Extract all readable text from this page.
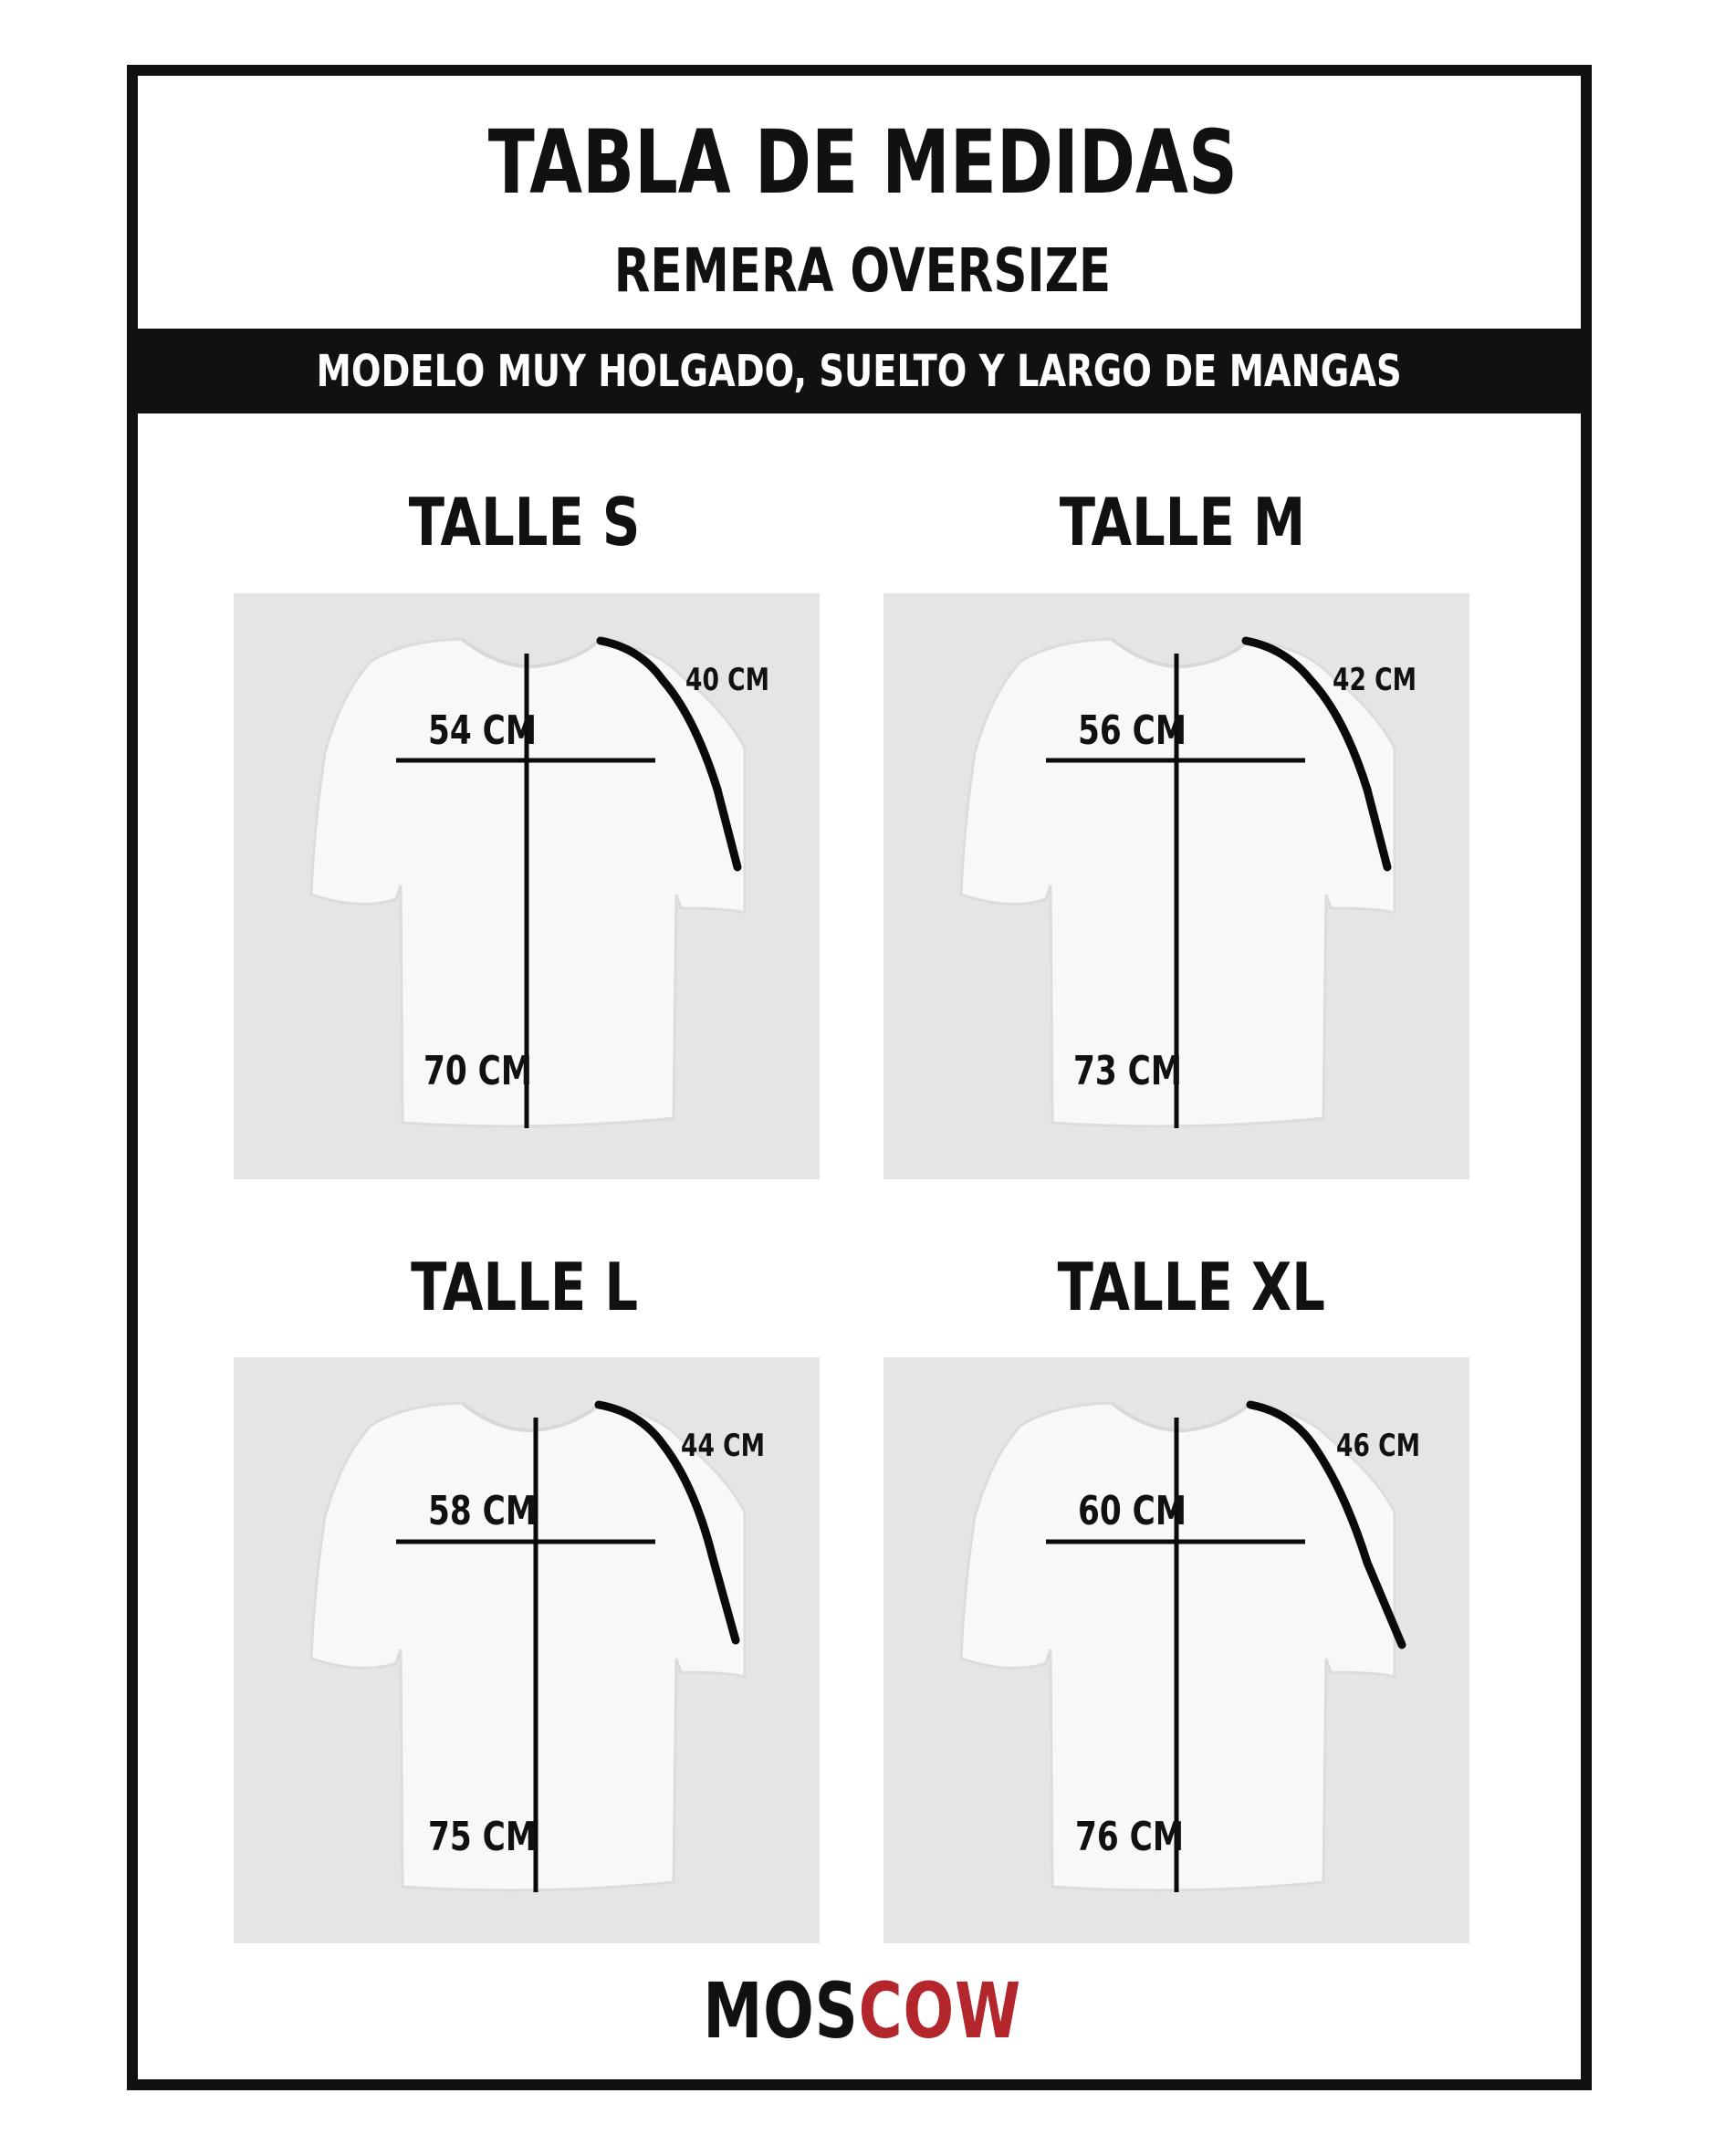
TABLA DE MEDIDAS
REMERA OVERSIZE
MODELO MUY HOLGADO, SUELTO Y LARGO DE MANGAS
TALLE S	TALLE M
TALLE L	TALLE XL
40 CM
54 CM
70 CM
42 CM
56 CM
73 CM
44 CM
58 CM
75 CM
46 CM
60 CM
76 CM
MOSCOW
